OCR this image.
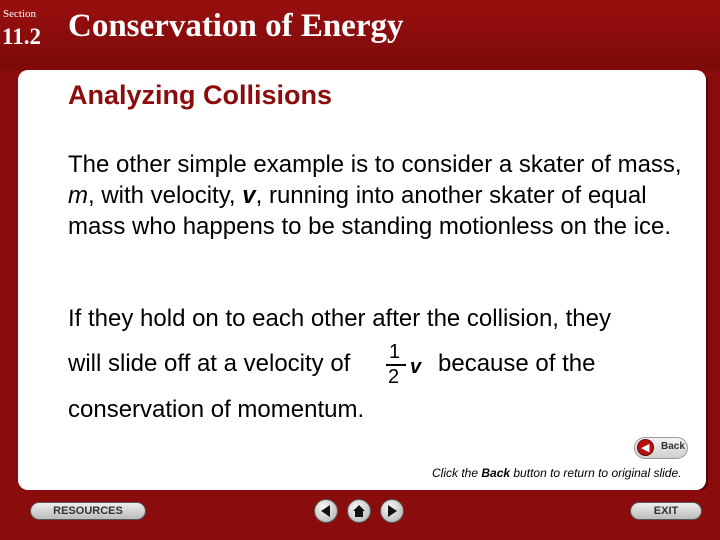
Section
11.2 Conservation of Energy
Analyzing Collisions
The other simple example is to consider a skater of mass, m, with velocity, v, running into another skater of equal mass who happens to be standing motionless on the ice.
If they hold on to each other after the collision, they
will slide off at a velocity of 1
2 v because of the
conservation of momentum.
◀ Back
Click the Back button to return to original slide.
RESOURCES	EXIT
